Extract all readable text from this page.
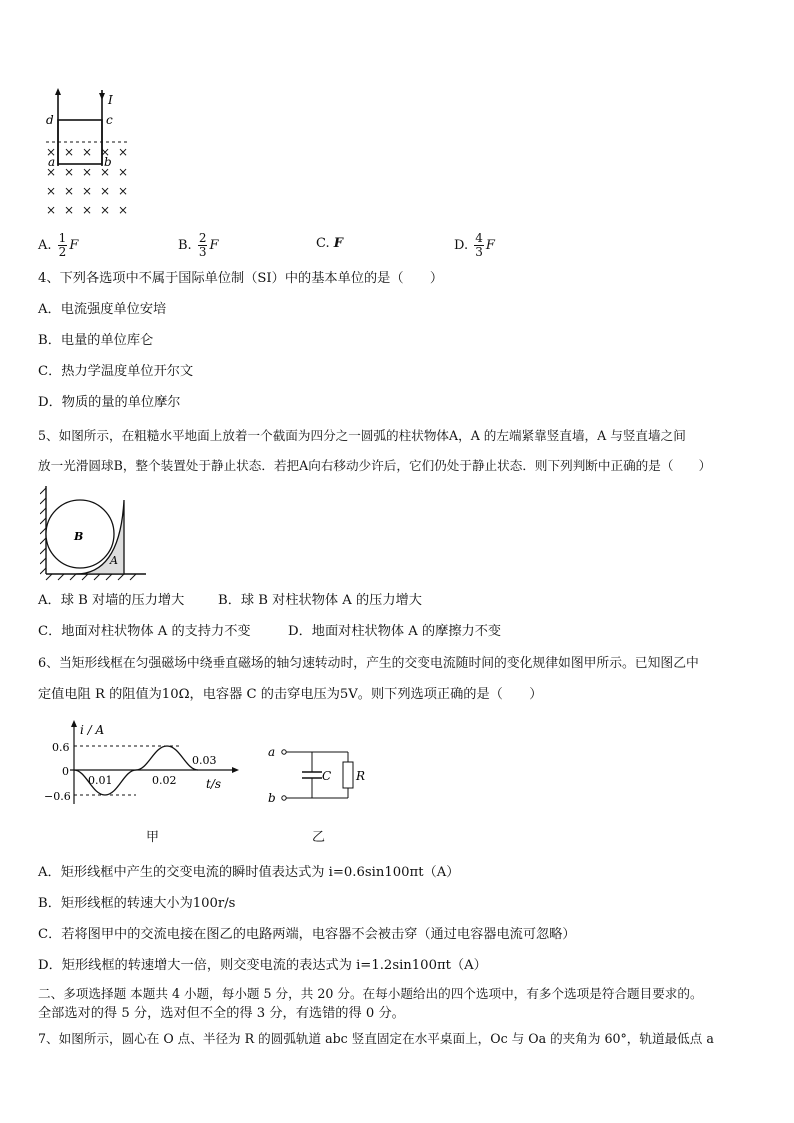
d	c
a	b
I
× × × × ×
× × × × ×
× × × × ×
× × × × ×
A. $\frac{1}{2}$ F	B. $\frac{2}{3}$ F	C. F	D. $\frac{4}{3}$ F
4、下列各选项中不属于国际单位制（SI）中的基本单位的是（　　）
A．电流强度单位安培
B．电量的单位库仑
C．热力学温度单位开尔文
D．物质的量的单位摩尔
5、如图所示，在粗糙水平地面上放着一个截面为四分之一圆弧的柱状物体A，A 的左端紧靠竖直墙，A 与竖直墙之间
放一光滑圆球B，整个装置处于静止状态．若把A向右移动少许后，它们仍处于静止状态．则下列判断中正确的是（　　）
B
A
A．球 B 对墙的压力增大	B．球 B 对柱状物体 A 的压力增大
C．地面对柱状物体 A 的支持力不变	D．地面对柱状物体 A 的摩擦力不变
6、当矩形线框在匀强磁场中绕垂直磁场的轴匀速转动时，产生的交变电流随时间的变化规律如图甲所示。已知图乙中
定值电阻 R 的阻值为10Ω，电容器 C 的击穿电压为5V。则下列选项正确的是（　　）
i / A
t/s
0.6
0
−0.6
0.01	0.02
0.03
a
b
C R
甲	乙
A．矩形线框中产生的交变电流的瞬时值表达式为 i=0.6sin100πt（A）
B．矩形线框的转速大小为100r/s
C．若将图甲中的交流电接在图乙的电路两端，电容器不会被击穿（通过电容器电流可忽略）
D．矩形线框的转速增大一倍，则交变电流的表达式为 i=1.2sin100πt（A）
二、多项选择题 本题共 4 小题，每小题 5 分，共 20 分。在每小题给出的四个选项中，有多个选项是符合题目要求的。
全部选对的得 5 分，选对但不全的得 3 分，有选错的得 0 分。
7、如图所示，圆心在 O 点、半径为 R 的圆弧轨道 abc 竖直固定在水平桌面上，Oc 与 Oa 的夹角为 60°，轨道最低点 a
